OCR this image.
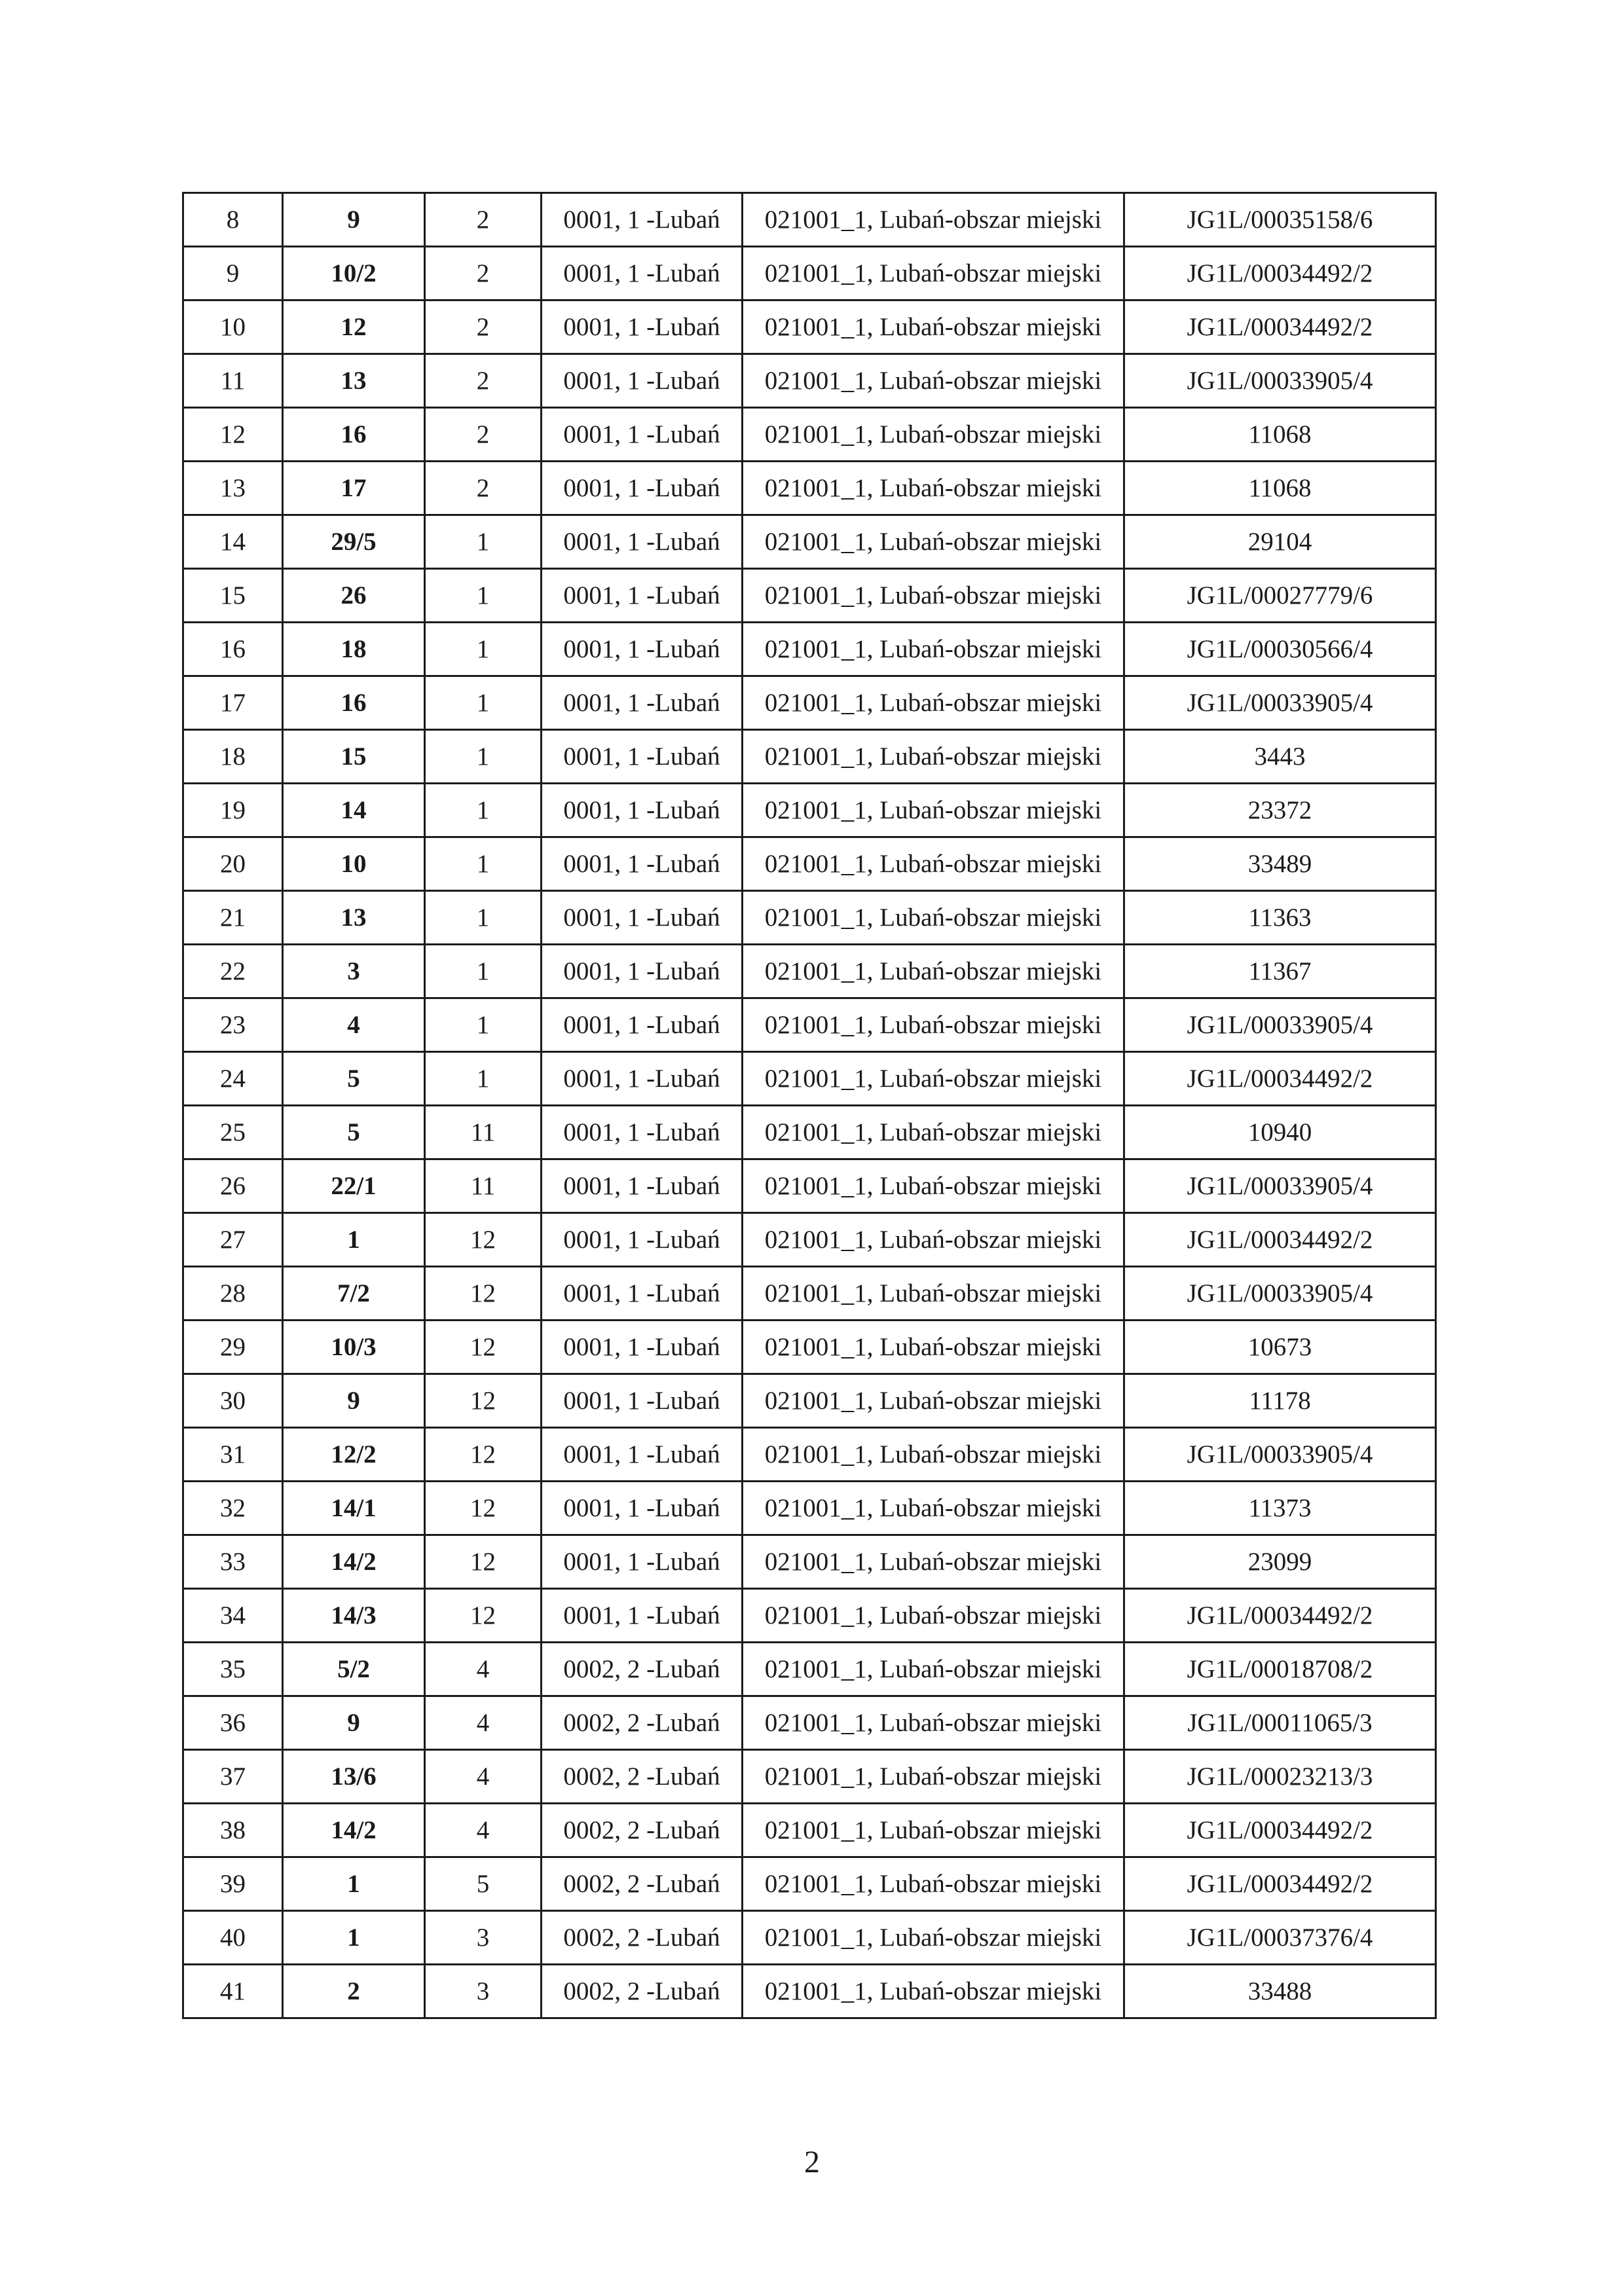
8	9	2	0001, 1 -Lubań	021001_1, Lubań-obszar miejski	JG1L/00035158/6
9	10/2	2	0001, 1 -Lubań	021001_1, Lubań-obszar miejski	JG1L/00034492/2
10	12	2	0001, 1 -Lubań	021001_1, Lubań-obszar miejski	JG1L/00034492/2
11	13	2	0001, 1 -Lubań	021001_1, Lubań-obszar miejski	JG1L/00033905/4
12	16	2	0001, 1 -Lubań	021001_1, Lubań-obszar miejski	11068
13	17	2	0001, 1 -Lubań	021001_1, Lubań-obszar miejski	11068
14	29/5	1	0001, 1 -Lubań	021001_1, Lubań-obszar miejski	29104
15	26	1	0001, 1 -Lubań	021001_1, Lubań-obszar miejski	JG1L/00027779/6
16	18	1	0001, 1 -Lubań	021001_1, Lubań-obszar miejski	JG1L/00030566/4
17	16	1	0001, 1 -Lubań	021001_1, Lubań-obszar miejski	JG1L/00033905/4
18	15	1	0001, 1 -Lubań	021001_1, Lubań-obszar miejski	3443
19	14	1	0001, 1 -Lubań	021001_1, Lubań-obszar miejski	23372
20	10	1	0001, 1 -Lubań	021001_1, Lubań-obszar miejski	33489
21	13	1	0001, 1 -Lubań	021001_1, Lubań-obszar miejski	11363
22	3	1	0001, 1 -Lubań	021001_1, Lubań-obszar miejski	11367
23	4	1	0001, 1 -Lubań	021001_1, Lubań-obszar miejski	JG1L/00033905/4
24	5	1	0001, 1 -Lubań	021001_1, Lubań-obszar miejski	JG1L/00034492/2
25	5	11	0001, 1 -Lubań	021001_1, Lubań-obszar miejski	10940
26	22/1	11	0001, 1 -Lubań	021001_1, Lubań-obszar miejski	JG1L/00033905/4
27	1	12	0001, 1 -Lubań	021001_1, Lubań-obszar miejski	JG1L/00034492/2
28	7/2	12	0001, 1 -Lubań	021001_1, Lubań-obszar miejski	JG1L/00033905/4
29	10/3	12	0001, 1 -Lubań	021001_1, Lubań-obszar miejski	10673
30	9	12	0001, 1 -Lubań	021001_1, Lubań-obszar miejski	11178
31	12/2	12	0001, 1 -Lubań	021001_1, Lubań-obszar miejski	JG1L/00033905/4
32	14/1	12	0001, 1 -Lubań	021001_1, Lubań-obszar miejski	11373
33	14/2	12	0001, 1 -Lubań	021001_1, Lubań-obszar miejski	23099
34	14/3	12	0001, 1 -Lubań	021001_1, Lubań-obszar miejski	JG1L/00034492/2
35	5/2	4	0002, 2 -Lubań	021001_1, Lubań-obszar miejski	JG1L/00018708/2
36	9	4	0002, 2 -Lubań	021001_1, Lubań-obszar miejski	JG1L/00011065/3
37	13/6	4	0002, 2 -Lubań	021001_1, Lubań-obszar miejski	JG1L/00023213/3
38	14/2	4	0002, 2 -Lubań	021001_1, Lubań-obszar miejski	JG1L/00034492/2
39	1	5	0002, 2 -Lubań	021001_1, Lubań-obszar miejski	JG1L/00034492/2
40	1	3	0002, 2 -Lubań	021001_1, Lubań-obszar miejski	JG1L/00037376/4
41	2	3	0002, 2 -Lubań	021001_1, Lubań-obszar miejski	33488
2
